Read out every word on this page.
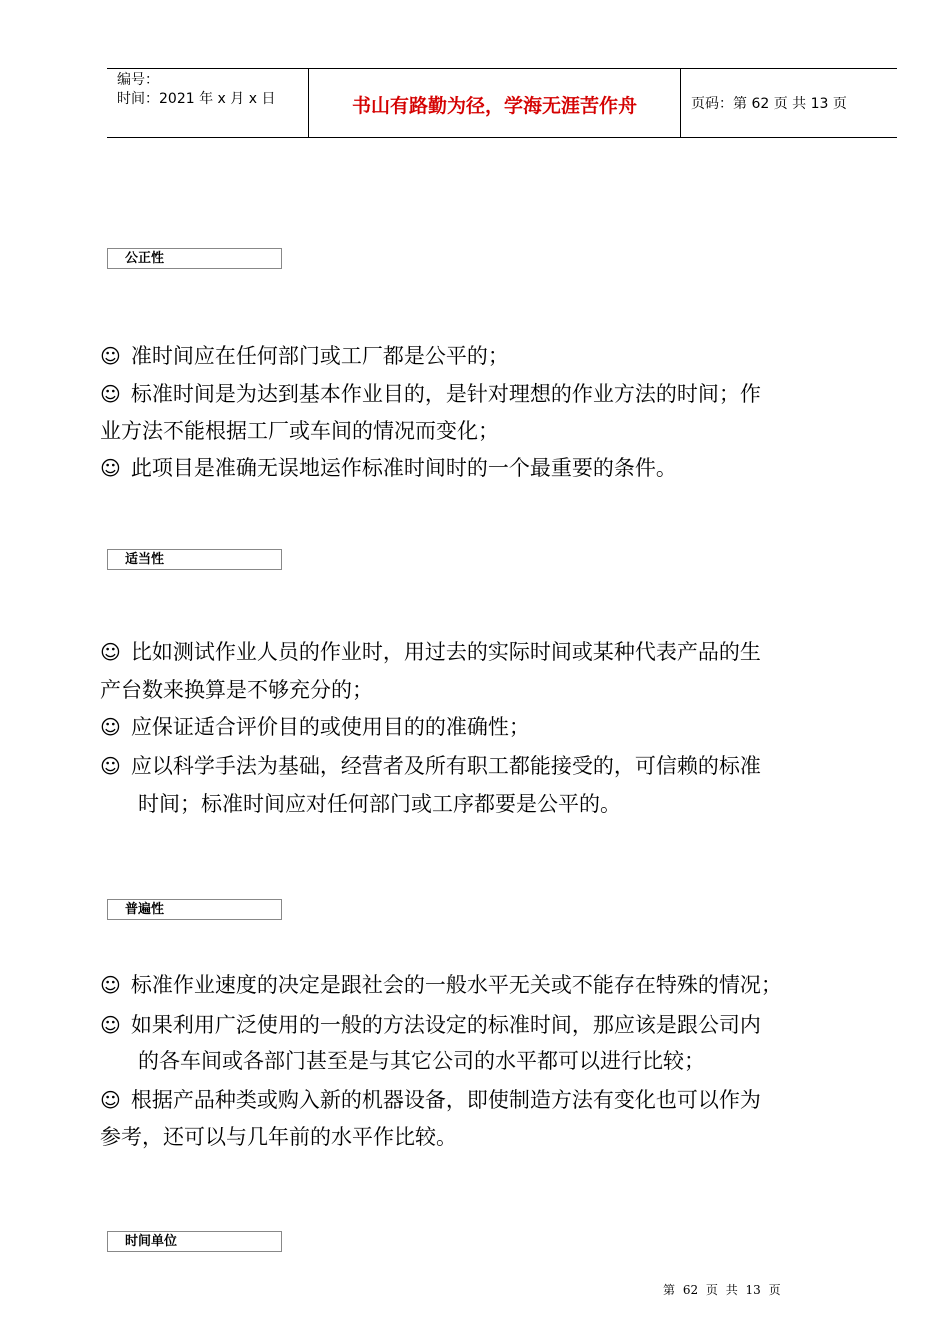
编号：
时间：2021 年 x 月 x 日	书山有路勤为径，学海无涯苦作舟	页码：第 62 页 共 13 页
公正性
☺ 准时间应在任何部门或工厂都是公平的；
☺ 标准时间是为达到基本作业目的，是针对理想的作业方法的时间；作
业方法不能根据工厂或车间的情况而变化；
☺ 此项目是准确无误地运作标准时间时的一个最重要的条件。
适当性
☺ 比如测试作业人员的作业时，用过去的实际时间或某种代表产品的生
产台数来换算是不够充分的；
☺ 应保证适合评价目的或使用目的的准确性；
☺ 应以科学手法为基础，经营者及所有职工都能接受的，可信赖的标准
时间；标准时间应对任何部门或工序都要是公平的。
普遍性
☺ 标准作业速度的决定是跟社会的一般水平无关或不能存在特殊的情况；
☺ 如果利用广泛使用的一般的方法设定的标准时间，那应该是跟公司内
的各车间或各部门甚至是与其它公司的水平都可以进行比较；
☺ 根据产品种类或购入新的机器设备，即使制造方法有变化也可以作为
参考，还可以与几年前的水平作比较。
时间单位
第 62 页 共 13 页
